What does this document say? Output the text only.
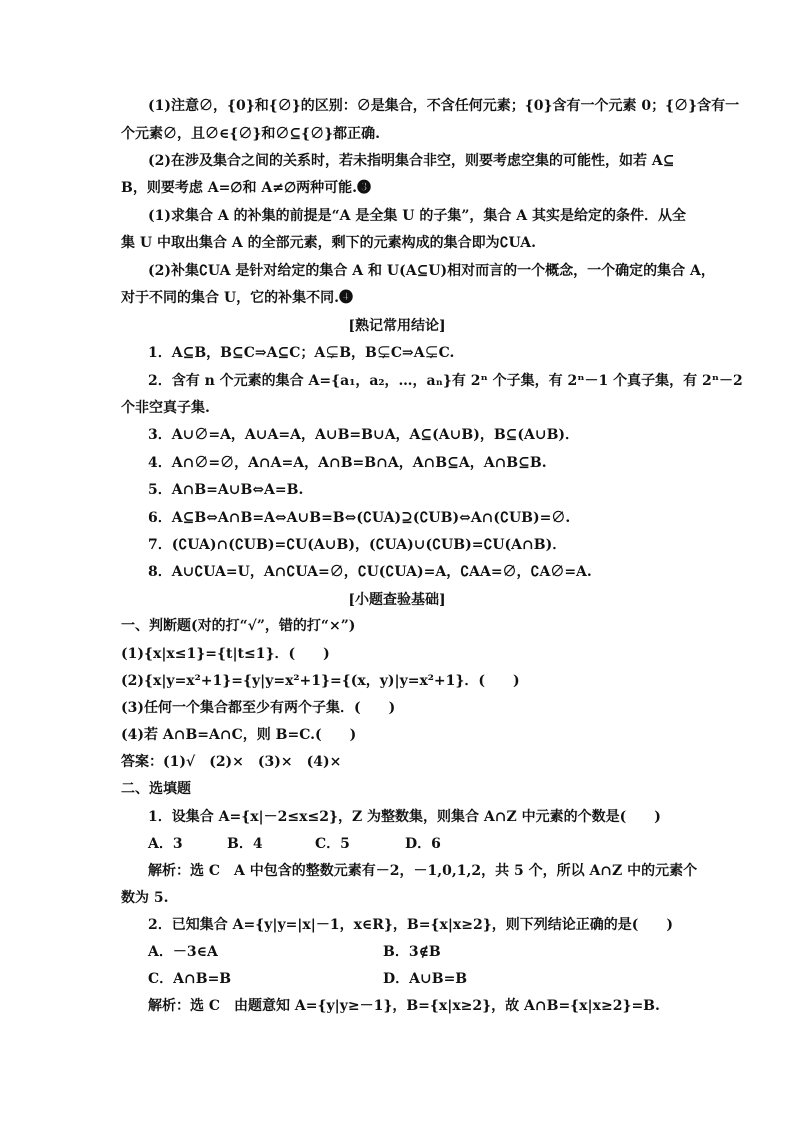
(1)注意∅，{0}和{∅}的区别：∅是集合，不含任何元素；{0}含有一个元素 0；{∅}含有一
个元素∅，且∅∈{∅}和∅⊆{∅}都正确.
(2)在涉及集合之间的关系时，若未指明集合非空，则要考虑空集的可能性，如若 A⊆
B，则要考虑 A=∅和 A≠∅两种可能.❸
(1)求集合 A 的补集的前提是“A 是全集 U 的子集”，集合 A 其实是给定的条件．从全
集 U 中取出集合 A 的全部元素，剩下的元素构成的集合即为∁UA.
(2)补集∁UA 是针对给定的集合 A 和 U(A⊆U)相对而言的一个概念，一个确定的集合 A，
对于不同的集合 U，它的补集不同.❹
[熟记常用结论]
1．A⊆B，B⊆C⇒A⊆C；A⊊B，B⊊C⇒A⊊C.
2．含有 n 个元素的集合 A={a₁，a₂，…，aₙ}有 2ⁿ 个子集，有 2ⁿ－1 个真子集，有 2ⁿ－2
个非空真子集.
3．A∪∅=A，A∪A=A，A∪B=B∪A，A⊆(A∪B)，B⊆(A∪B)．
4．A∩∅=∅，A∩A=A，A∩B=B∩A，A∩B⊆A，A∩B⊆B.
5．A∩B=A∪B⇔A=B.
6．A⊆B⇔A∩B=A⇔A∪B=B⇔(∁UA)⊇(∁UB)⇔A∩(∁UB)=∅.
7．(∁UA)∩(∁UB)=∁U(A∪B)，(∁UA)∪(∁UB)=∁U(A∩B)．
8．A∪∁UA=U，A∩∁UA=∅，∁U(∁UA)=A，∁AA=∅，∁A∅=A.
[小题查验基础]
一、判断题(对的打“√”，错的打“×”)
(1){x|x≤1}={t|t≤1}．(　　)
(2){x|y=x²+1}={y|y=x²+1}={(x，y)|y=x²+1}．(　　)
(3)任何一个集合都至少有两个子集．(　　)
(4)若 A∩B=A∩C，则 B=C.(　　)
答案：(1)√　(2)×　(3)×　(4)×
二、选填题
1．设集合 A={x|－2≤x≤2}，Z 为整数集，则集合 A∩Z 中元素的个数是(　　)
A．3	B．4	C．5	D．6
解析：选 C　A 中包含的整数元素有－2，－1,0,1,2，共 5 个，所以 A∩Z 中的元素个
数为 5.
2．已知集合 A={y|y=|x|－1，x∈R}，B={x|x≥2}，则下列结论正确的是(　　)
A．－3∈A	B．3∉B
C．A∩B=B	D．A∪B=B
解析：选 C　由题意知 A={y|y≥－1}，B={x|x≥2}，故 A∩B={x|x≥2}=B.
